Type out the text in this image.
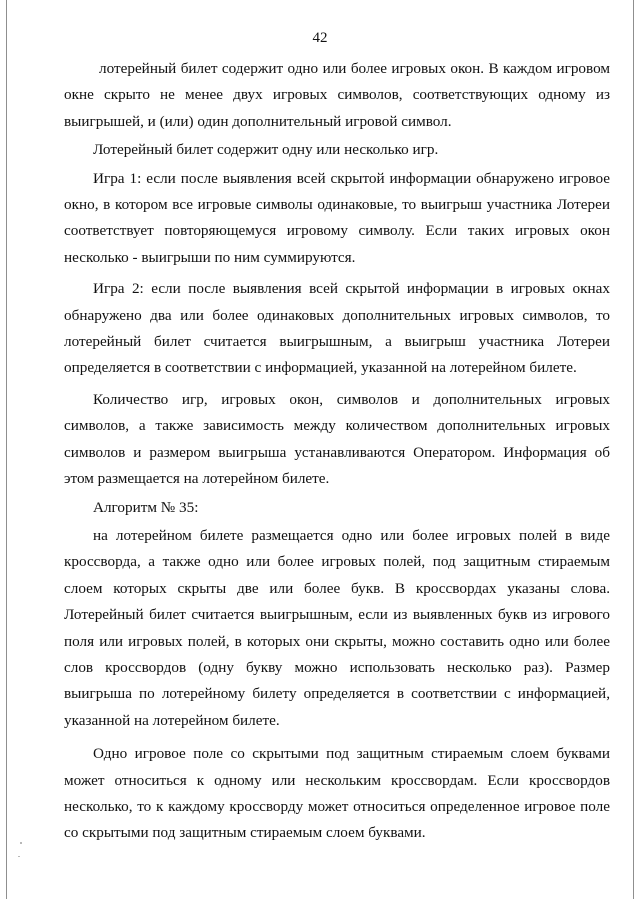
42

лотерейный билет содержит одно или более игровых окон. В каждом игровом окне скрыто не менее двух игровых символов, соответствующих одному из выигрышей, и (или) один дополнительный игровой символ.

Лотерейный билет содержит одну или несколько игр.

Игра 1: если после выявления всей скрытой информации обнаружено игровое окно, в котором все игровые символы одинаковые, то выигрыш участника Лотереи соответствует повторяющемуся игровому символу. Если таких игровых окон несколько - выигрыши по ним суммируются.

Игра 2: если после выявления всей скрытой информации в игровых окнах обнаружено два или более одинаковых дополнительных игровых символов, то лотерейный билет считается выигрышным, а выигрыш участника Лотереи определяется в соответствии с информацией, указанной на лотерейном билете.

Количество игр, игровых окон, символов и дополнительных игровых символов, а также зависимость между количеством дополнительных игровых символов и размером выигрыша устанавливаются Оператором. Информация об этом размещается на лотерейном билете.

Алгоритм № 35:

на лотерейном билете размещается одно или более игровых полей в виде кроссворда, а также одно или более игровых полей, под защитным стираемым слоем которых скрыты две или более букв. В кроссвордах указаны слова. Лотерейный билет считается выигрышным, если из выявленных букв из игрового поля или игровых полей, в которых они скрыты, можно составить одно или более слов кроссвордов (одну букву можно использовать несколько раз). Размер выигрыша по лотерейному билету определяется в соответствии с информацией, указанной на лотерейном билете.

Одно игровое поле со скрытыми под защитным стираемым слоем буквами может относиться к одному или нескольким кроссвордам. Если кроссвордов несколько, то к каждому кроссворду может относиться определенное игровое поле со скрытыми под защитным стираемым слоем буквами.
